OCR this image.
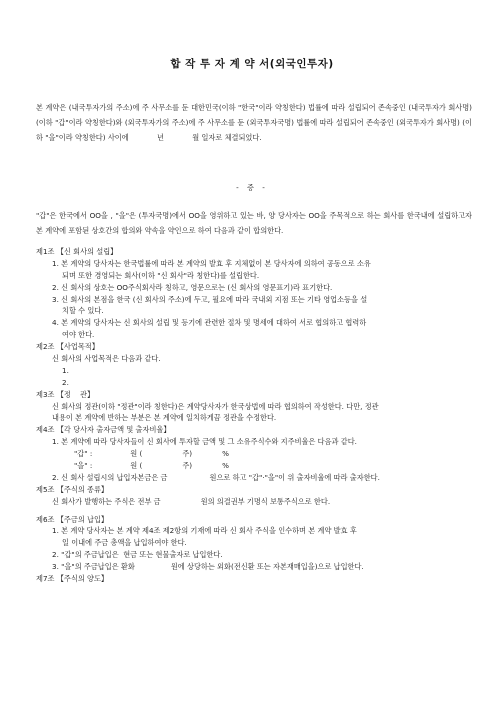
합 작 투 자 계 약 서(외국인투자)
본 계약은 (내국투자가의 주소)에 주 사무소를 둔 대한민국(이하 "한국"이라 약칭한다) 법률에 따라 설립되어 존속중인 (내국투자가 회사명) (이하 "갑"이라 약칭한다)와 (외국투자가의 주소)에 주 사무소를 둔 (외국투자국명) 법률에 따라 설립되어 존속중인 (외국투자가 회사명) (이하 "을"이라 약칭한다) 사이에	년	월 일자로 체결되었다.
- 증 -
"갑"은 한국에서 OO을 , "을"은 (투자국명)에서 OO을 영위하고 있는 바, 양 당사자는 OO을 주목적으로 하는 회사를 한국내에 설립하고자 본 계약에 포함된 상호간의 합의와 약속을 약인으로 하여 다음과 같이 합의한다.
제1조 【신 회사의 설립】
1. 본 계약의 당사자는 한국법률에 따라 본 계약의 발효 후 지체없이 본 당사자에 의하여 공동으로 소유
되며 또한 경영되는 회사(이하 "신 회사"라 칭한다)를 설립한다.
2. 신 회사의 상호는 OO주식회사라 칭하고, 영문으로는 (신 회사의 영문표기)라 표기한다.
3. 신 회사의 본점을 한국 (신 회사의 주소)에 두고, 필요에 따라 국내외 지점 또는 기타 영업소등을 설
치할 수 있다.
4. 본 계약의 당사자는 신 회사의 설립 및 등기에 관련한 절차 및 명세에 대하여 서로 협의하고 협력하
여야 한다.
제2조 【사업목적】
신 회사의 사업목적은 다음과 같다.
1.
2.
제3조 【정    관】
신 회사의 정관(이하 "정관"이라 칭한다)은 계약당사자가 한국상법에 따라 협의하여 작성한다. 다만, 정관
내용이 본 계약에 반하는 부분은 본 계약에 일치하게끔 정관을 수정한다.
제4조 【각 당사자 출자금액 및 출자비율】
1. 본 계약에 따라 당사자들이 신 회사에 투자할 금액 및 그 소유주식수와 지주비율은 다음과 같다.
"갑" :	원 (	주)	%
"을" :	원 (	주)	%
2. 신 회사 설립시의 납입자본금은 금	원으로 하고 "갑"·"을"이 위 출자비율에 따라 출자한다.
제5조 【주식의 종류】
신 회사가 발행하는 주식은 전부 금	원의 의결권부 기명식 보통주식으로 한다.
제6조 【주금의 납입】
1. 본 계약 당사자는 본 계약 제4조 제2항의 기재에 따라 신 회사 주식을 인수하며 본 계약 발효 후
일 이내에 주금 총액을 납입하여야 한다.
2. "갑"의 주금납입은  현금 또는 현물출자로 납입한다.
3. "을"의 주금납입은 환화	원에 상당하는 외화(전신환 또는 자본재매입을)으로 납입한다.
제7조 【주식의 양도】
